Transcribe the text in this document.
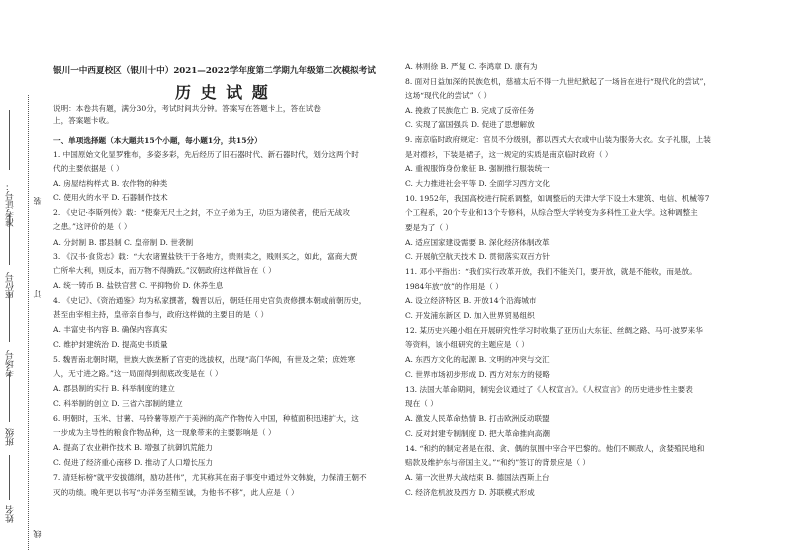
准考证号：
座位号
考场号
班级
姓名
装
订
线
银川一中西夏校区（银川十中）2021—2022学年度第二学期九年级第二次模拟考试
历 史 试 题
说明：本卷共有题，满分30分，考试时间共分钟。答案写在答题卡上，答在试卷
上，答案题卡收。
一、单项选择题（本大题共15个小题，每小题1分，共15分）
1. 中国原始文化显罗雅布，多姿多彩，先后经历了旧石器时代、新石器时代，划分这两个时
代的主要依据是（ ）
A. 房屋结构样式 B. 农作物的种类
C. 使用火的水平 D. 石器制作技术
2. 《史记·李斯列传》载：“使秦无尺土之封，不立子弟为王，功臣为诸侯者，使后无战攻
之患。”这评价的是（ ）
A. 分封制 B. 郡县制 C. 皇帝制 D. 世袭制
3. 《汉书·食货志》载：“大农诸置盐铁干于各地方，贵则卖之，贱则买之，如此，富商大贾
亡所牟大利，则反本，而万物不得腾跃。”汉朝政府这样做旨在（ ）
A. 统一铸币 B. 盐铁官营 C. 平抑物价 D. 休养生息
4. 《史记》、《资治通鉴》均为私家撰著，魏晋以后，朝廷任用史官负责修撰本朝或前朝历史，
甚至由宰相主持，皇帝亲自参与，政府这样做的主要目的是（ ）
A. 丰富史书内容 B. 确保内容真实
C. 维护封建统治 D. 提高史书质量
5. 魏晋南北朝时期，世族大族垄断了官吏的选拔权，出现“高门华阀，有世及之荣；庶姓寒
人，无寸进之路。”这一局面得到彻底改变是在（ ）
A. 郡县制的实行 B. 科举制度的建立
C. 科举制的创立 D. 三省六部制的建立
6. 明朝时，玉米、甘薯、马铃薯等原产于美洲的高产作物传入中国，种植面积迅速扩大，这
一步成为主导性的粮食作物品种，这一现象带来的主要影响是（ ）
A. 提高了农业耕作技术 B. 增强了抗御饥荒能力
C. 促进了经济重心南移 D. 推动了人口增长压力
7. 清廷标榜“就平安拔德纲，励功甚伟”，尤其称其在南子事变中通过外文韩旋，力保清王朝不
灭的功绩。晚年更以书写“办洋务至精至诚，为他书不移”，此人应是（ ）
A. 林则徐 B. 严复 C. 李鸿章 D. 康有为
8. 面对日益加深的民族危机，慈禧太后不得一九世纪掀起了一场旨在进行“现代化的尝试”，
这场“现代化的尝试”（ ）
A. 挽救了民族危亡 B. 完成了反帝任务
C. 实现了富国强兵 D. 促进了思想解放
9. 南京临时政府规定：官员不分级别，都以西式大衣或中山装为服务大衣。女子礼服，上装
是对襟衫，下装是裙子，这一规定的实质是南京临时政府（ ）
A. 重视服饰身份象征 B. 强制推行服装统一
C. 大力推进社会平等 D. 全面学习西方文化
10. 1952年，我国高校进行院系调整，如调整后的天津大学下设土木建筑、电信、机械等7
个工程系，20个专业和13个专修科，从综合型大学转变为多科性工业大学。这种调整主
要是为了（ ）
A. 适应国家建设需要 B. 深化经济体制改革
C. 开展航空航天技术 D. 贯彻落实双百方针
11. 邓小平指出：“我们实行改革开放，我们不能关门，要开放，就是不能收，而是放。
1984年放“放”的作用是（ ）
A. 设立经济特区 B. 开放14个沿海城市
C. 开发浦东新区 D. 加入世界贸易组织
12. 某历史兴趣小组在开展研究性学习时收集了亚历山大东征、丝绸之路、马可·波罗来华
等资料，该小组研究的主题应是（ ）
A. 东西方文化的起源 B. 文明的冲突与交汇
C. 世界市场初步形成 D. 西方对东方的侵略
13. 法国大革命期间，制宪会议通过了《人权宣言》。《人权宣言》的历史进步性主要表
现在（ ）
A. 激发人民革命热情 B. 打击欧洲反动联盟
C. 反对封建专制制度 D. 把大革命推向高潮
14. “和约的制定者是在很、贪、偶的氛围中宰合平巴黎的。他们不顾敌人，贪婪殖民地和
赔款及维护东与帝国主义。”“和约”签订的背景应是（ ）
A. 第一次世界大战结束 B. 德国法西斯上台
C. 经济危机波及西方 D. 苏联模式形成
